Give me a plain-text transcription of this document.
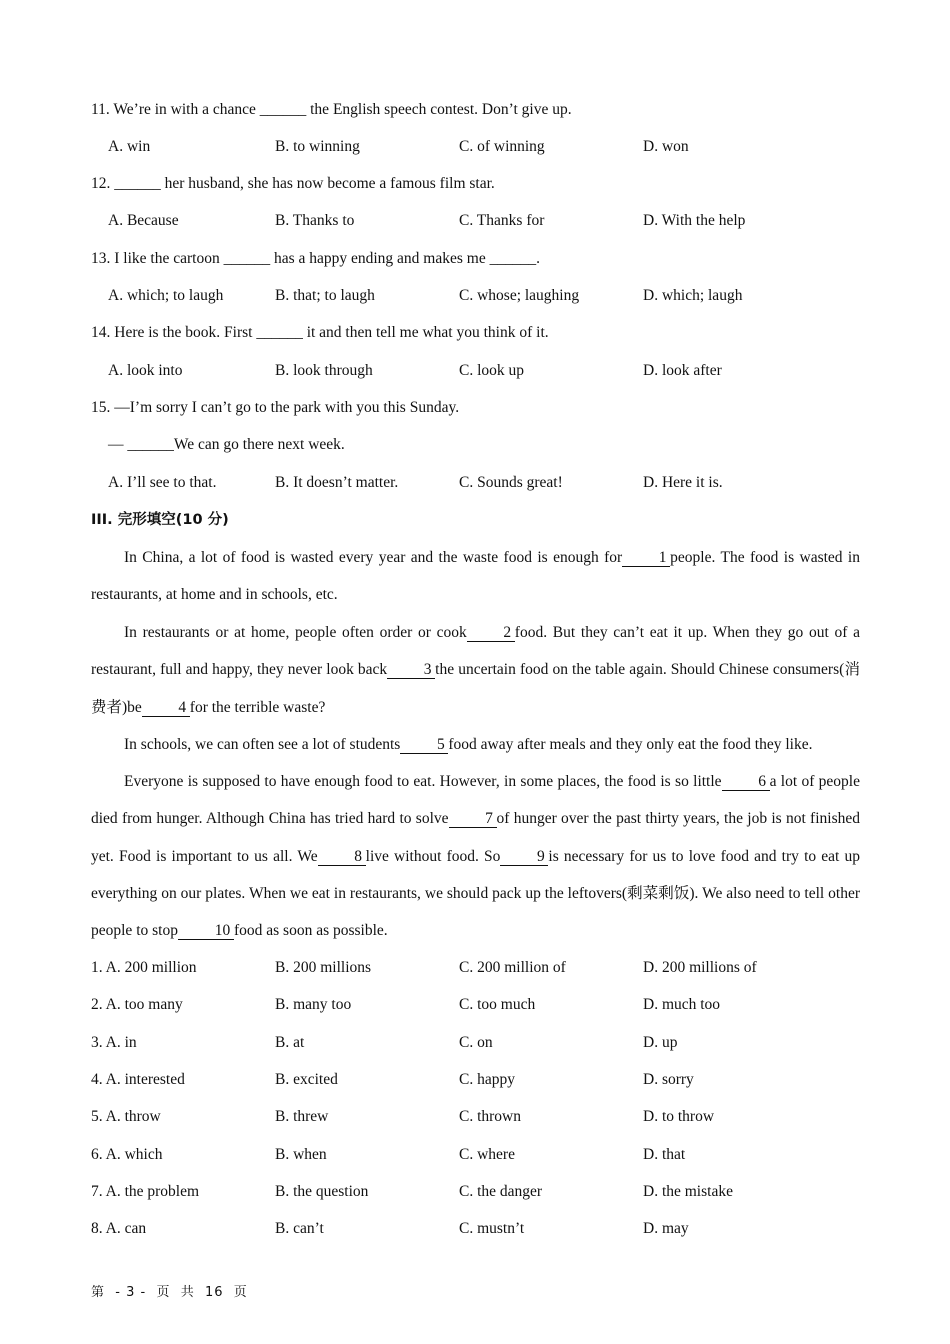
11. We’re in with a chance ______ the English speech contest. Don’t give up.
A. win	B. to winning	C. of winning	D. won
12. ______ her husband, she has now become a famous film star.
A. Because	B. Thanks to	C. Thanks for	D. With the help
13. I like the cartoon ______ has a happy ending and makes me ______.
A. which; to laugh	B. that; to laugh	C. whose; laughing	D. which; laugh
14. Here is the book. First ______ it and then tell me what you think of it.
A. look into	B. look through	C. look up	D. look after
15. —I’m sorry I can’t go to the park with you this Sunday.
— ______We can go there next week.
A. I’ll see to that.	B. It doesn’t matter.	C. Sounds great!	D. Here it is.
III. 完形填空(10 分)
In China, a lot of food is wasted every year and the waste food is enough for 1 people. The food is wasted in restaurants, at home and in schools, etc.
In restaurants or at home, people often order or cook 2 food. But they can’t eat it up. When they go out of a restaurant, full and happy, they never look back 3 the uncertain food on the table again. Should Chinese consumers(消费者)be 4 for the terrible waste?
In schools, we can often see a lot of students 5 food away after meals and they only eat the food they like.
Everyone is supposed to have enough food to eat. However, in some places, the food is so little 6 a lot of people died from hunger. Although China has tried hard to solve 7 of hunger over the past thirty years, the job is not finished yet. Food is important to us all. We 8 live without food. So 9 is necessary for us to love food and try to eat up everything on our plates. When we eat in restaurants, we should pack up the leftovers(剩菜剩饭). We also need to tell other people to stop 10 food as soon as possible.
1. A. 200 million	B. 200 millions	C. 200 million of	D. 200 millions of
2. A. too many	B. many too	C. too much	D. much too
3. A. in	B. at	C. on	D. up
4. A. interested	B. excited	C. happy	D. sorry
5. A. throw	B. threw	C. thrown	D. to throw
6. A. which	B. when	C. where	D. that
7. A. the problem	B. the question	C. the danger	D. the mistake
8. A. can	B. can’t	C. mustn’t	D. may
第  - 3 -  页  共  16  页
